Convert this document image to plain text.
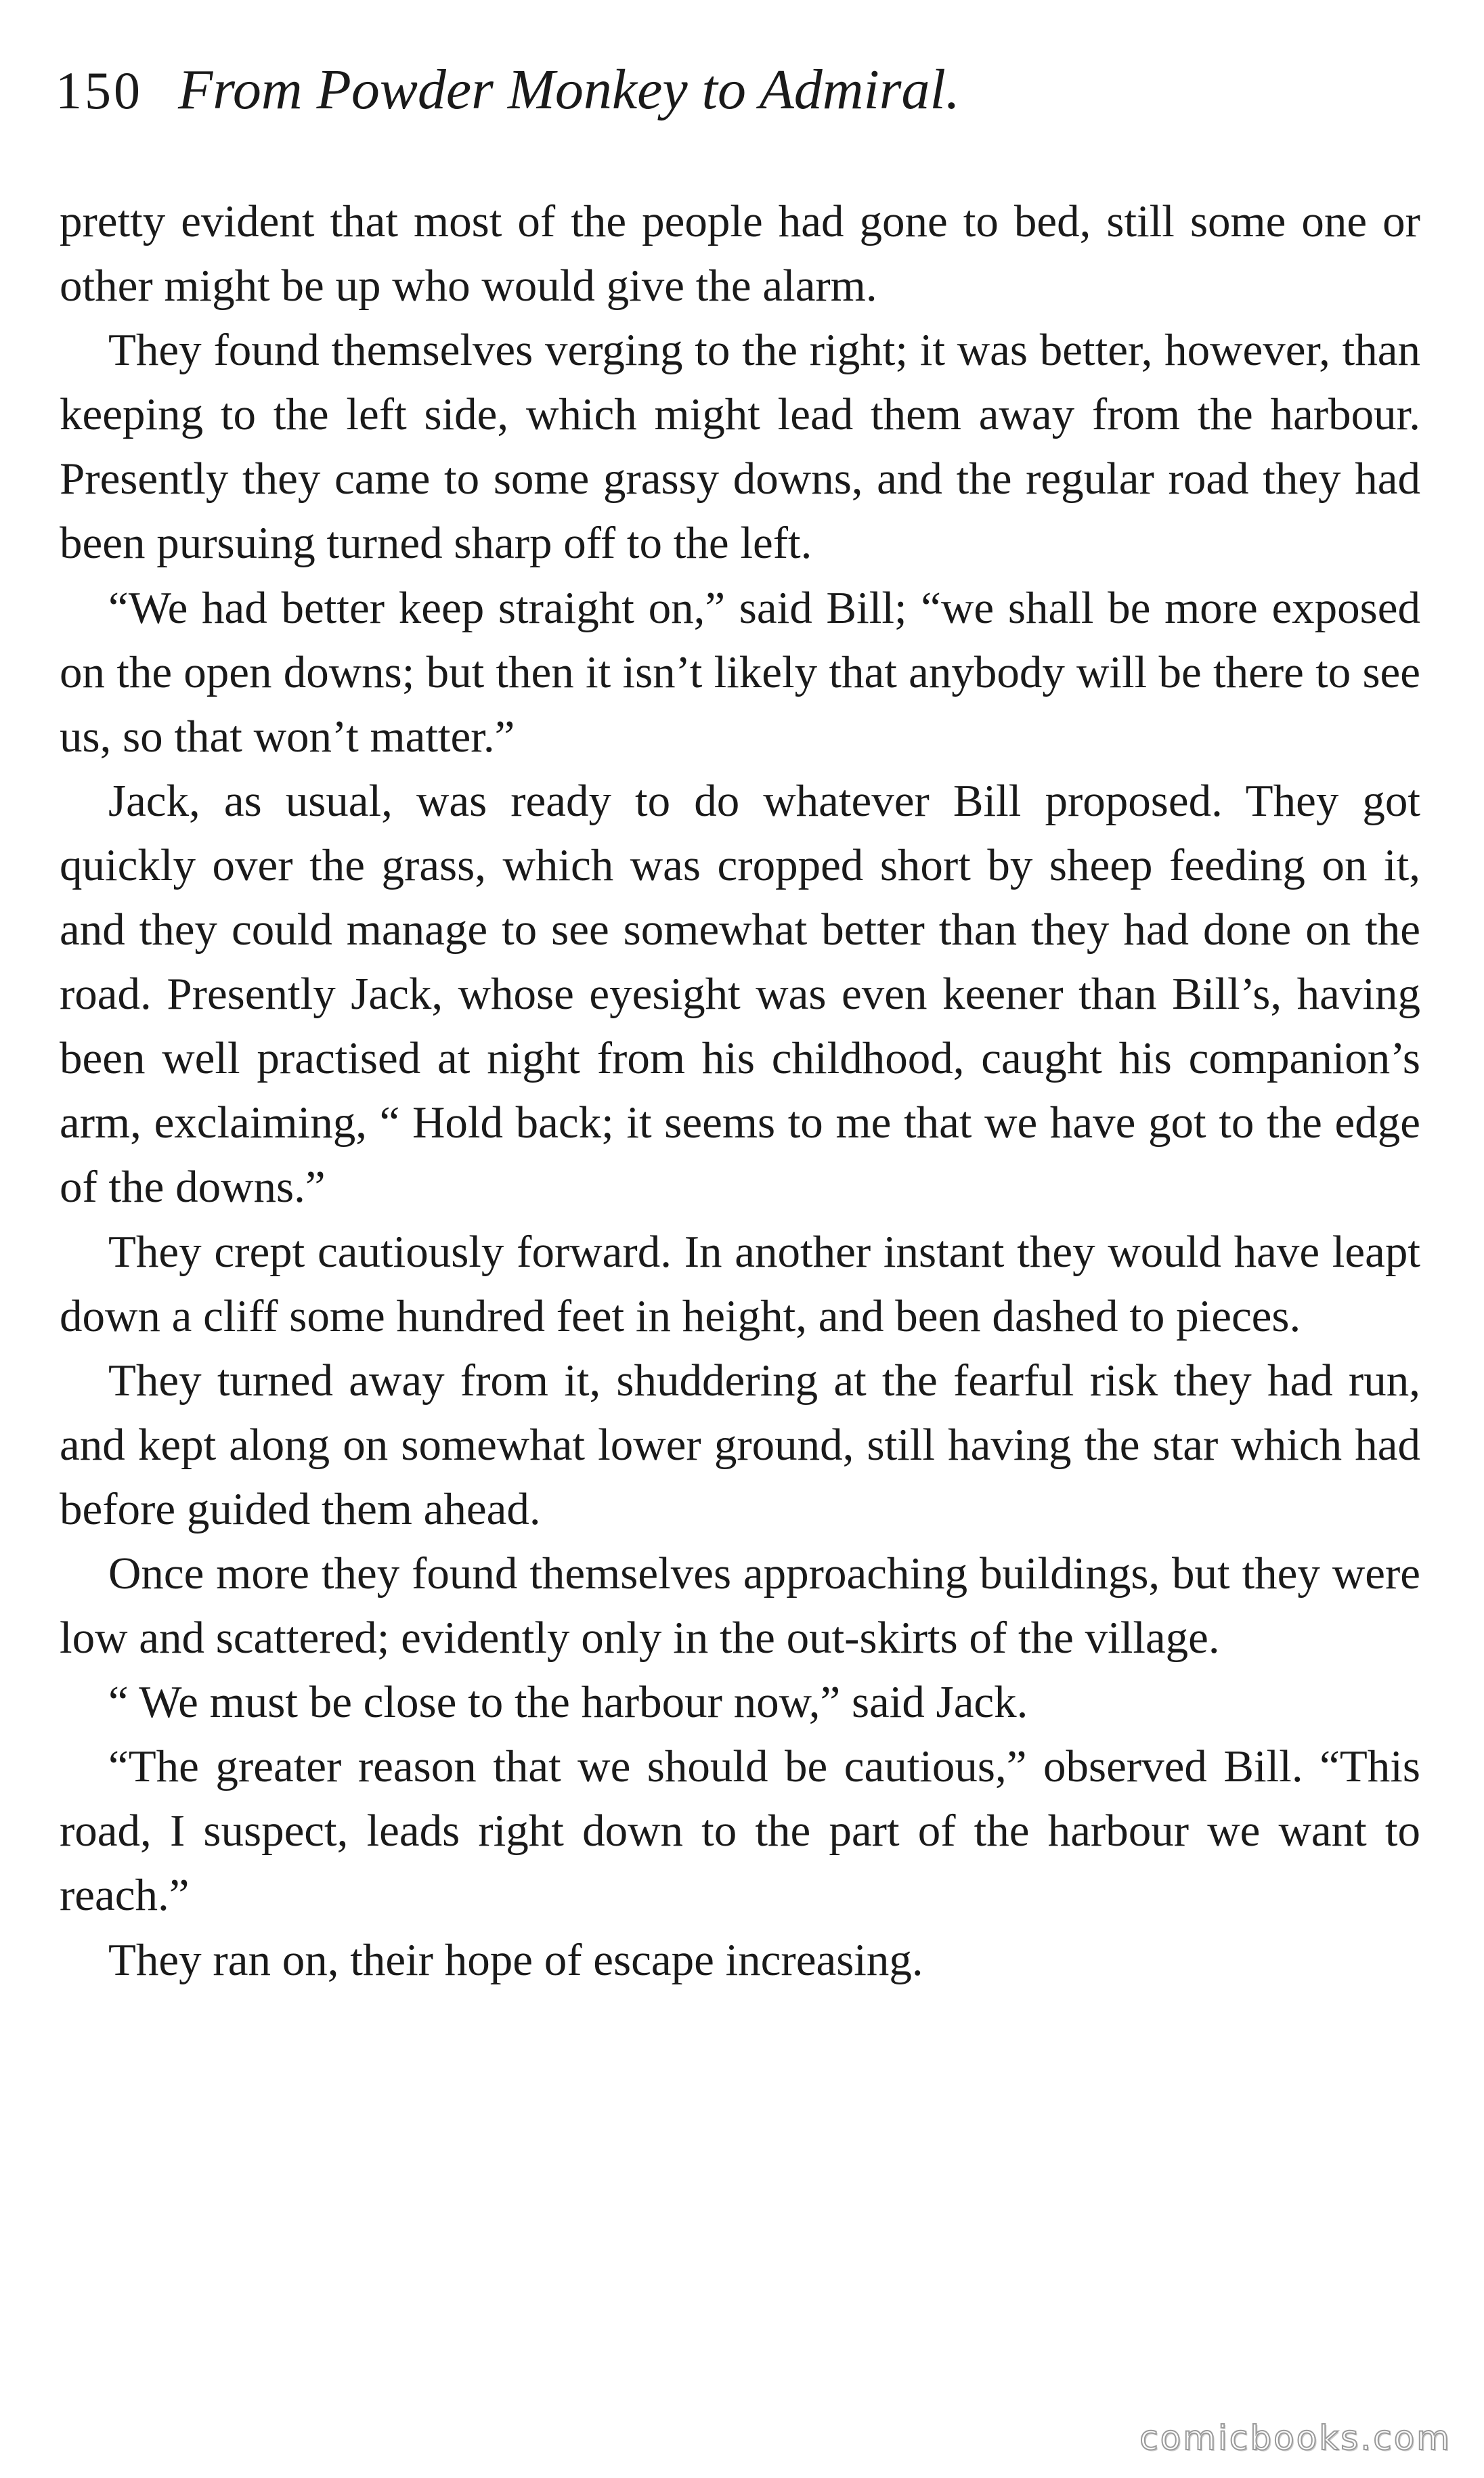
150 From Powder Monkey to Admiral.

pretty evident that most of the people had gone to bed, still some one or other might be up who would give the alarm.

They found themselves verging to the right; it was better, however, than keeping to the left side, which might lead them away from the harbour. Presently they came to some grassy downs, and the regular road they had been pursuing turned sharp off to the left.

“We had better keep straight on,” said Bill; “we shall be more exposed on the open downs; but then it isn’t likely that anybody will be there to see us, so that won’t matter.”

Jack, as usual, was ready to do whatever Bill proposed. They got quickly over the grass, which was cropped short by sheep feeding on it, and they could manage to see somewhat better than they had done on the road. Presently Jack, whose eyesight was even keener than Bill’s, having been well practised at night from his childhood, caught his companion’s arm, exclaiming, “ Hold back; it seems to me that we have got to the edge of the downs.”

They crept cautiously forward. In another instant they would have leapt down a cliff some hundred feet in height, and been dashed to pieces.

They turned away from it, shuddering at the fearful risk they had run, and kept along on somewhat lower ground, still having the star which had before guided them ahead.

Once more they found themselves approaching buildings, but they were low and scattered; evidently only in the out-skirts of the village.

“ We must be close to the harbour now,” said Jack.

“The greater reason that we should be cautious,” observed Bill. “This road, I suspect, leads right down to the part of the harbour we want to reach.”

They ran on, their hope of escape increasing.

comicbooks.com
